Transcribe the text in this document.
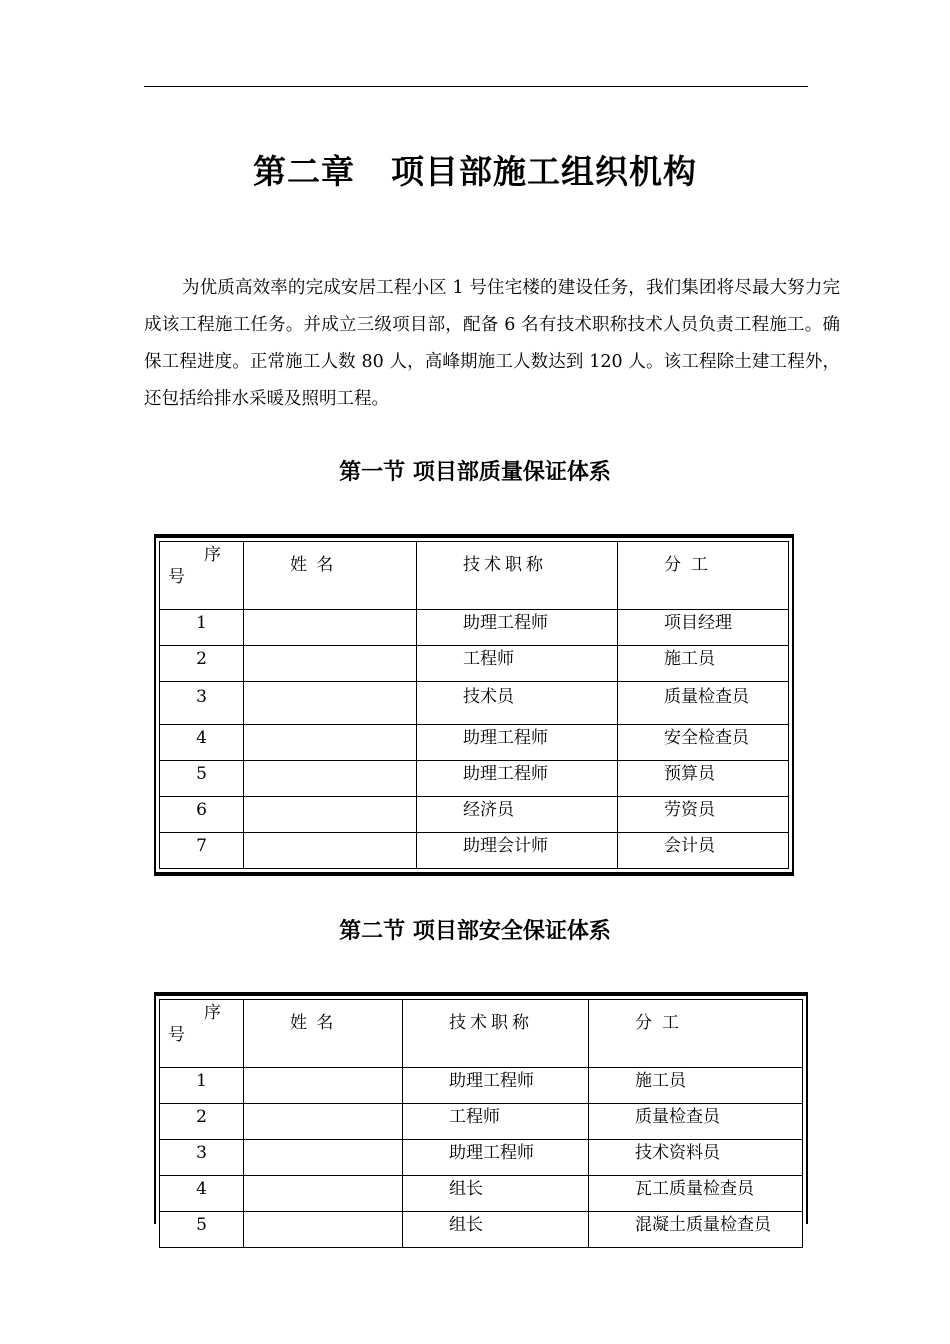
第二章 项目部施工组织机构
为优质高效率的完成安居工程小区 1 号住宅楼的建设任务，我们集团将尽最大努力完成该工程施工任务。并成立三级项目部，配备 6 名有技术职称技术人员负责工程施工。确保工程进度。正常施工人数 80 人，高峰期施工人数达到 120 人。该工程除土建工程外，还包括给排水采暖及照明工程。
第一节 项目部质量保证体系
序
号	姓 名	技术职称	分工
1		助理工程师	项目经理
2		工程师	施工员
3		技术员	质量检查员
4		助理工程师	安全检查员
5		助理工程师	预算员
6		经济员	劳资员
7		助理会计师	会计员
第二节 项目部安全保证体系
序
号	姓 名	技术职称	分工
1		助理工程师	施工员
2		工程师	质量检查员
3		助理工程师	技术资料员
4		组长	瓦工质量检查员
5		组长	混凝土质量检查员
